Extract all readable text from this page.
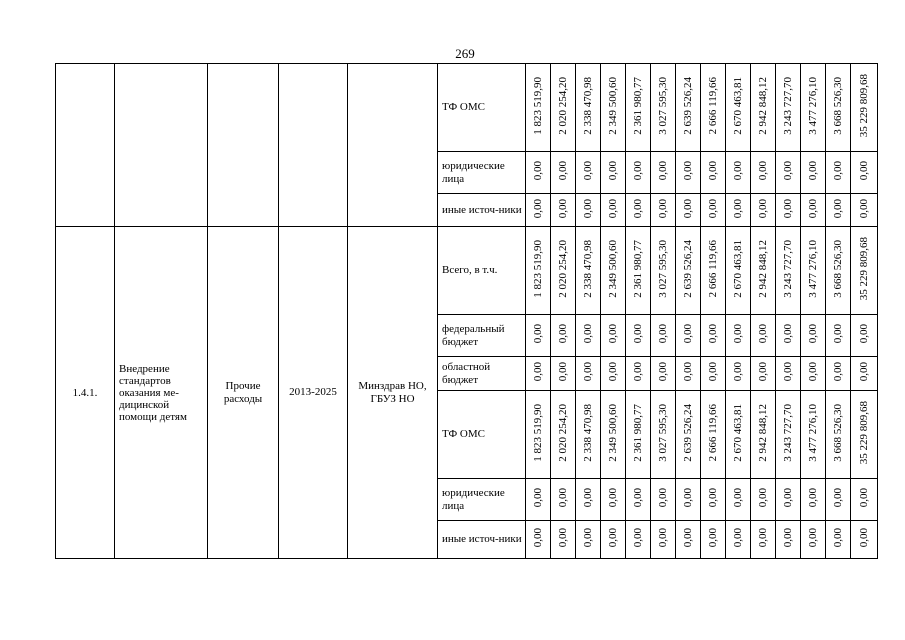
269
					ТФ ОМС	1 823 519,90	2 020 254,20	2 338 470,98	2 349 500,60	2 361 980,77	3 027 595,30	2 639 526,24	2 666 119,66	2 670 463,81	2 942 848,12	3 243 727,70	3 477 276,10	3 668 526,30	35 229 809,68
					юридические лица	0,00	0,00	0,00	0,00	0,00	0,00	0,00	0,00	0,00	0,00	0,00	0,00	0,00	0,00
					иные источ-ники	0,00	0,00	0,00	0,00	0,00	0,00	0,00	0,00	0,00	0,00	0,00	0,00	0,00	0,00
1.4.1.	Внедрение стандартов оказания ме-дицинской помощи детям	Прочие расходы	2013-2025	Минздрав НО, ГБУЗ НО	Всего, в т.ч.	1 823 519,90	2 020 254,20	2 338 470,98	2 349 500,60	2 361 980,77	3 027 595,30	2 639 526,24	2 666 119,66	2 670 463,81	2 942 848,12	3 243 727,70	3 477 276,10	3 668 526,30	35 229 809,68
					федеральный бюджет	0,00	0,00	0,00	0,00	0,00	0,00	0,00	0,00	0,00	0,00	0,00	0,00	0,00	0,00
					областной бюджет	0,00	0,00	0,00	0,00	0,00	0,00	0,00	0,00	0,00	0,00	0,00	0,00	0,00	0,00
					ТФ ОМС	1 823 519,90	2 020 254,20	2 338 470,98	2 349 500,60	2 361 980,77	3 027 595,30	2 639 526,24	2 666 119,66	2 670 463,81	2 942 848,12	3 243 727,70	3 477 276,10	3 668 526,30	35 229 809,68
					юридические лица	0,00	0,00	0,00	0,00	0,00	0,00	0,00	0,00	0,00	0,00	0,00	0,00	0,00	0,00
					иные источ-ники	0,00	0,00	0,00	0,00	0,00	0,00	0,00	0,00	0,00	0,00	0,00	0,00	0,00	0,00
